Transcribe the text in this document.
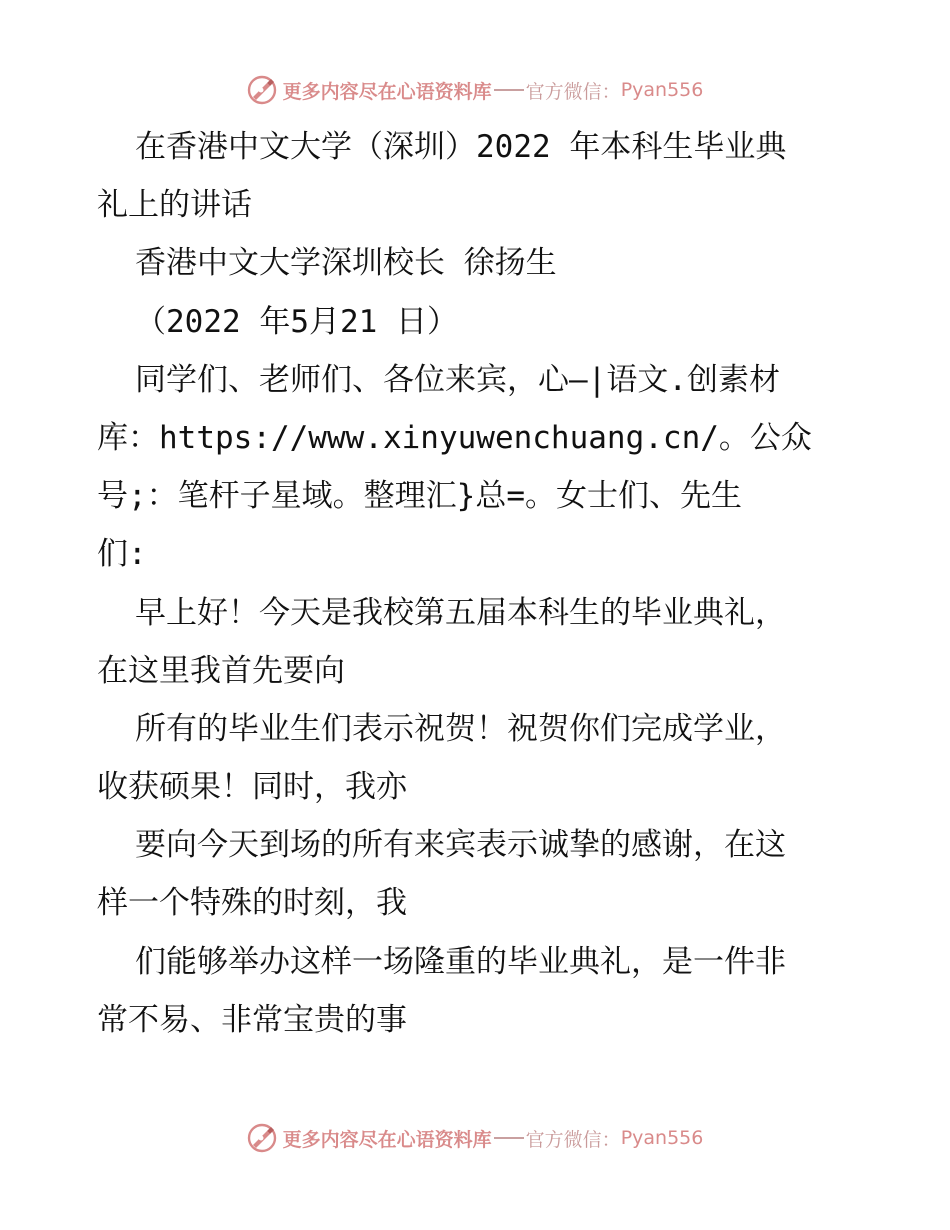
更多内容尽在心语资料库 官方微信： Pyan556
在香港中文大学（深圳）2022 年本科生毕业典
礼上的讲话
香港中文大学深圳校长 徐扬生
（2022 年5月21 日）
同学们、老师们、各位来宾，心—|语文.创素材
库：https://www.xinyuwenchuang.cn/。公众
号;：笔杆子星域。整理汇}总=。女士们、先生
们:
早上好！今天是我校第五届本科生的毕业典礼，
在这里我首先要向
所有的毕业生们表示祝贺！祝贺你们完成学业，
收获硕果！同时，我亦
要向今天到场的所有来宾表示诚挚的感谢，在这
样一个特殊的时刻，我
们能够举办这样一场隆重的毕业典礼，是一件非
常不易、非常宝贵的事
更多内容尽在心语资料库 官方微信： Pyan556
